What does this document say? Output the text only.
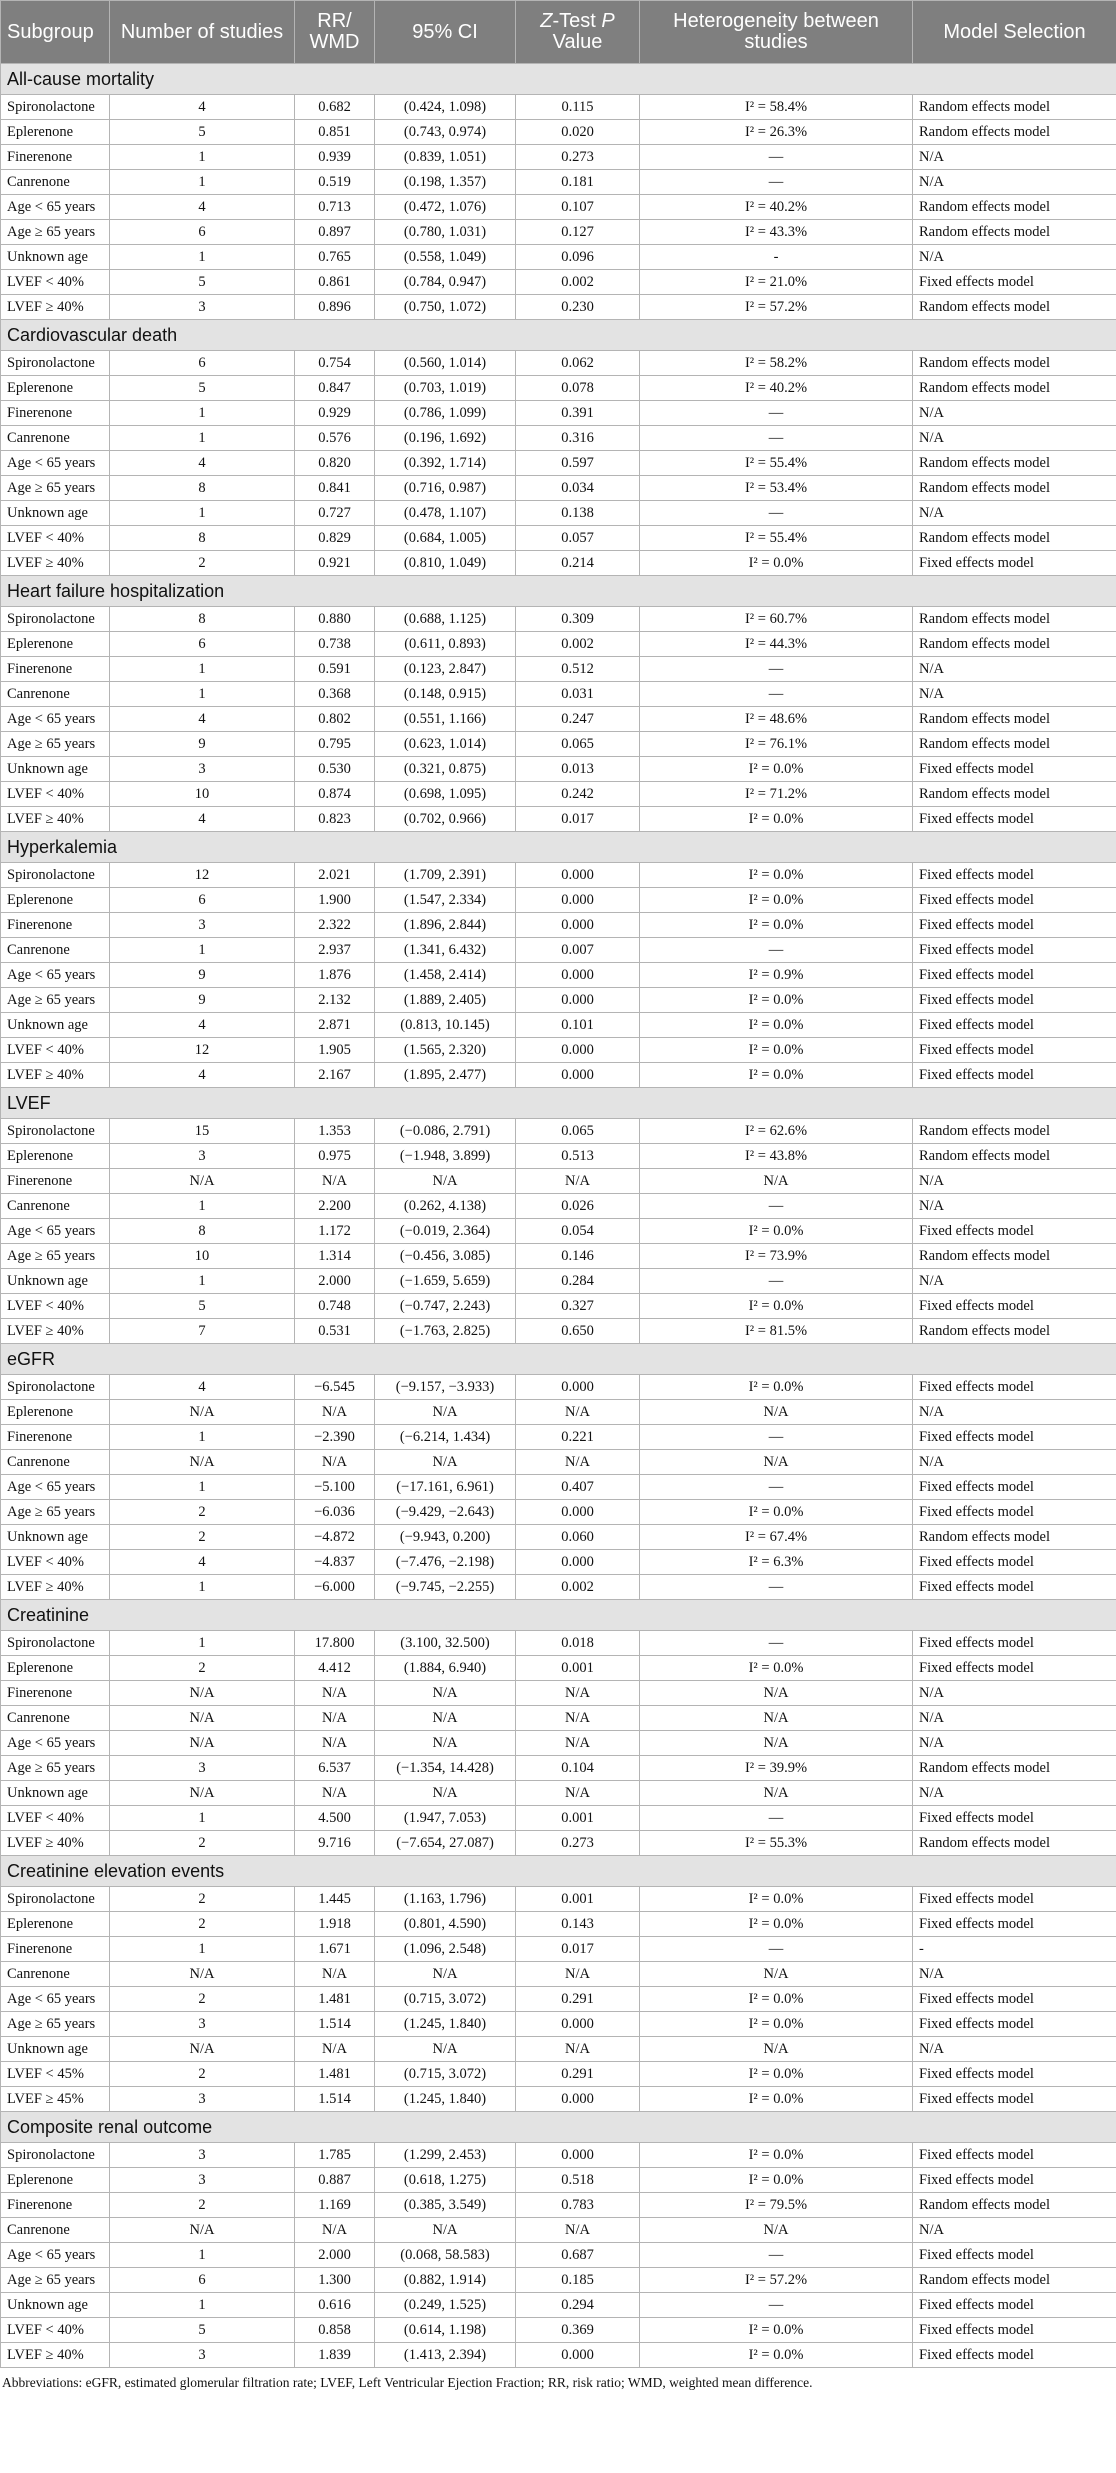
Subgroup	Number of studies	RR/ WMD	95% CI	Z-Test P Value	Heterogeneity between studies	Model Selection
All-cause mortality						
Spironolactone	4	0.682	(0.424, 1.098)	0.115	I² = 58.4%	Random effects model
Eplerenone	5	0.851	(0.743, 0.974)	0.020	I² = 26.3%	Random effects model
Finerenone	1	0.939	(0.839, 1.051)	0.273	—	N/A
Canrenone	1	0.519	(0.198, 1.357)	0.181	—	N/A
Age < 65 years	4	0.713	(0.472, 1.076)	0.107	I² = 40.2%	Random effects model
Age ≥ 65 years	6	0.897	(0.780, 1.031)	0.127	I² = 43.3%	Random effects model
Unknown age	1	0.765	(0.558, 1.049)	0.096	-	N/A
LVEF < 40%	5	0.861	(0.784, 0.947)	0.002	I² = 21.0%	Fixed effects model
LVEF ≥ 40%	3	0.896	(0.750, 1.072)	0.230	I² = 57.2%	Random effects model
Cardiovascular death						
Spironolactone	6	0.754	(0.560, 1.014)	0.062	I² = 58.2%	Random effects model
Eplerenone	5	0.847	(0.703, 1.019)	0.078	I² = 40.2%	Random effects model
Finerenone	1	0.929	(0.786, 1.099)	0.391	—	N/A
Canrenone	1	0.576	(0.196, 1.692)	0.316	—	N/A
Age < 65 years	4	0.820	(0.392, 1.714)	0.597	I² = 55.4%	Random effects model
Age ≥ 65 years	8	0.841	(0.716, 0.987)	0.034	I² = 53.4%	Random effects model
Unknown age	1	0.727	(0.478, 1.107)	0.138	—	N/A
LVEF < 40%	8	0.829	(0.684, 1.005)	0.057	I² = 55.4%	Random effects model
LVEF ≥ 40%	2	0.921	(0.810, 1.049)	0.214	I² = 0.0%	Fixed effects model
Heart failure hospitalization						
Spironolactone	8	0.880	(0.688, 1.125)	0.309	I² = 60.7%	Random effects model
Eplerenone	6	0.738	(0.611, 0.893)	0.002	I² = 44.3%	Random effects model
Finerenone	1	0.591	(0.123, 2.847)	0.512	—	N/A
Canrenone	1	0.368	(0.148, 0.915)	0.031	—	N/A
Age < 65 years	4	0.802	(0.551, 1.166)	0.247	I² = 48.6%	Random effects model
Age ≥ 65 years	9	0.795	(0.623, 1.014)	0.065	I² = 76.1%	Random effects model
Unknown age	3	0.530	(0.321, 0.875)	0.013	I² = 0.0%	Fixed effects model
LVEF < 40%	10	0.874	(0.698, 1.095)	0.242	I² = 71.2%	Random effects model
LVEF ≥ 40%	4	0.823	(0.702, 0.966)	0.017	I² = 0.0%	Fixed effects model
Hyperkalemia						
Spironolactone	12	2.021	(1.709, 2.391)	0.000	I² = 0.0%	Fixed effects model
Eplerenone	6	1.900	(1.547, 2.334)	0.000	I² = 0.0%	Fixed effects model
Finerenone	3	2.322	(1.896, 2.844)	0.000	I² = 0.0%	Fixed effects model
Canrenone	1	2.937	(1.341, 6.432)	0.007	—	Fixed effects model
Age < 65 years	9	1.876	(1.458, 2.414)	0.000	I² = 0.9%	Fixed effects model
Age ≥ 65 years	9	2.132	(1.889, 2.405)	0.000	I² = 0.0%	Fixed effects model
Unknown age	4	2.871	(0.813, 10.145)	0.101	I² = 0.0%	Fixed effects model
LVEF < 40%	12	1.905	(1.565, 2.320)	0.000	I² = 0.0%	Fixed effects model
LVEF ≥ 40%	4	2.167	(1.895, 2.477)	0.000	I² = 0.0%	Fixed effects model
LVEF						
Spironolactone	15	1.353	(−0.086, 2.791)	0.065	I² = 62.6%	Random effects model
Eplerenone	3	0.975	(−1.948, 3.899)	0.513	I² = 43.8%	Random effects model
Finerenone	N/A	N/A	N/A	N/A	N/A	N/A
Canrenone	1	2.200	(0.262, 4.138)	0.026	—	N/A
Age < 65 years	8	1.172	(−0.019, 2.364)	0.054	I² = 0.0%	Fixed effects model
Age ≥ 65 years	10	1.314	(−0.456, 3.085)	0.146	I² = 73.9%	Random effects model
Unknown age	1	2.000	(−1.659, 5.659)	0.284	—	N/A
LVEF < 40%	5	0.748	(−0.747, 2.243)	0.327	I² = 0.0%	Fixed effects model
LVEF ≥ 40%	7	0.531	(−1.763, 2.825)	0.650	I² = 81.5%	Random effects model
eGFR						
Spironolactone	4	−6.545	(−9.157, −3.933)	0.000	I² = 0.0%	Fixed effects model
Eplerenone	N/A	N/A	N/A	N/A	N/A	N/A
Finerenone	1	−2.390	(−6.214, 1.434)	0.221	—	Fixed effects model
Canrenone	N/A	N/A	N/A	N/A	N/A	N/A
Age < 65 years	1	−5.100	(−17.161, 6.961)	0.407	—	Fixed effects model
Age ≥ 65 years	2	−6.036	(−9.429, −2.643)	0.000	I² = 0.0%	Fixed effects model
Unknown age	2	−4.872	(−9.943, 0.200)	0.060	I² = 67.4%	Random effects model
LVEF < 40%	4	−4.837	(−7.476, −2.198)	0.000	I² = 6.3%	Fixed effects model
LVEF ≥ 40%	1	−6.000	(−9.745, −2.255)	0.002	—	Fixed effects model
Creatinine						
Spironolactone	1	17.800	(3.100, 32.500)	0.018	—	Fixed effects model
Eplerenone	2	4.412	(1.884, 6.940)	0.001	I² = 0.0%	Fixed effects model
Finerenone	N/A	N/A	N/A	N/A	N/A	N/A
Canrenone	N/A	N/A	N/A	N/A	N/A	N/A
Age < 65 years	N/A	N/A	N/A	N/A	N/A	N/A
Age ≥ 65 years	3	6.537	(−1.354, 14.428)	0.104	I² = 39.9%	Random effects model
Unknown age	N/A	N/A	N/A	N/A	N/A	N/A
LVEF < 40%	1	4.500	(1.947, 7.053)	0.001	—	Fixed effects model
LVEF ≥ 40%	2	9.716	(−7.654, 27.087)	0.273	I² = 55.3%	Random effects model
Creatinine elevation events						
Spironolactone	2	1.445	(1.163, 1.796)	0.001	I² = 0.0%	Fixed effects model
Eplerenone	2	1.918	(0.801, 4.590)	0.143	I² = 0.0%	Fixed effects model
Finerenone	1	1.671	(1.096, 2.548)	0.017	—	-
Canrenone	N/A	N/A	N/A	N/A	N/A	N/A
Age < 65 years	2	1.481	(0.715, 3.072)	0.291	I² = 0.0%	Fixed effects model
Age ≥ 65 years	3	1.514	(1.245, 1.840)	0.000	I² = 0.0%	Fixed effects model
Unknown age	N/A	N/A	N/A	N/A	N/A	N/A
LVEF < 45%	2	1.481	(0.715, 3.072)	0.291	I² = 0.0%	Fixed effects model
LVEF ≥ 45%	3	1.514	(1.245, 1.840)	0.000	I² = 0.0%	Fixed effects model
Composite renal outcome						
Spironolactone	3	1.785	(1.299, 2.453)	0.000	I² = 0.0%	Fixed effects model
Eplerenone	3	0.887	(0.618, 1.275)	0.518	I² = 0.0%	Fixed effects model
Finerenone	2	1.169	(0.385, 3.549)	0.783	I² = 79.5%	Random effects model
Canrenone	N/A	N/A	N/A	N/A	N/A	N/A
Age < 65 years	1	2.000	(0.068, 58.583)	0.687	—	Fixed effects model
Age ≥ 65 years	6	1.300	(0.882, 1.914)	0.185	I² = 57.2%	Random effects model
Unknown age	1	0.616	(0.249, 1.525)	0.294	—	Fixed effects model
LVEF < 40%	5	0.858	(0.614, 1.198)	0.369	I² = 0.0%	Fixed effects model
LVEF ≥ 40%	3	1.839	(1.413, 2.394)	0.000	I² = 0.0%	Fixed effects model
Abbreviations: eGFR, estimated glomerular filtration rate; LVEF, Left Ventricular Ejection Fraction; RR, risk ratio; WMD, weighted mean difference.
